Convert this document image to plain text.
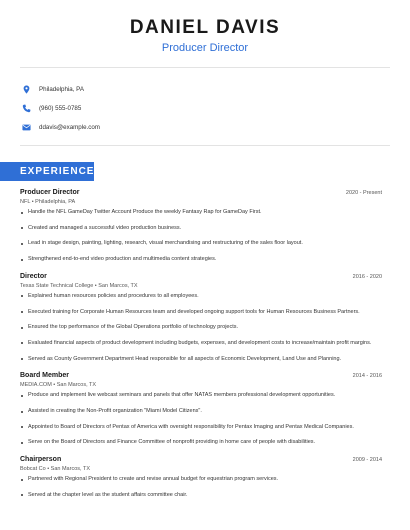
DANIEL DAVIS
Producer Director
Philadelphia, PA
(960) 555-0785
ddavis@example.com
EXPERIENCE
Producer Director	2020 - Present
NFL • Philadelphia, PA
Handle the NFL GameDay Twitter Account Produce the weekly Fantasy Rap for GameDay First.
Created and managed a successful video production business.
Lead in stage design, painting, lighting, research, visual merchandising and restructuring of the sales floor layout.
Strengthened end-to-end video production and multimedia content strategies.
Director	2016 - 2020
Texas State Technical College • San Marcos, TX
Explained human resources policies and procedures to all employees.
Executed training for Corporate Human Resources team and developed ongoing support tools for Human Resources Business Partners.
Ensured the top performance of the Global Operations portfolio of technology projects.
Evaluated financial aspects of product development including budgets, expenses, and development costs to increase/maintain profit margins.
Served as County Government Department Head responsible for all aspects of Economic Development, Land Use and Planning.
Board Member	2014 - 2016
MEDIA.COM • San Marcos, TX
Produce and implement live webcast seminars and panels that offer NATAS members professional development opportunities.
Assisted in creating the Non-Profit organization "Miami Model Citizens".
Appointed to Board of Directors of Pentax of America with oversight responsibility for Pentax Imaging and Pentax Medical Companies.
Serve on the Board of Directors and Finance Committee of nonprofit providing in home care of people with disabilities.
Chairperson	2009 - 2014
Bobcat Co • San Marcos, TX
Partnered with Regional President to create and revise annual budget for equestrian program services.
Served at the chapter level as the student affairs committee chair.
